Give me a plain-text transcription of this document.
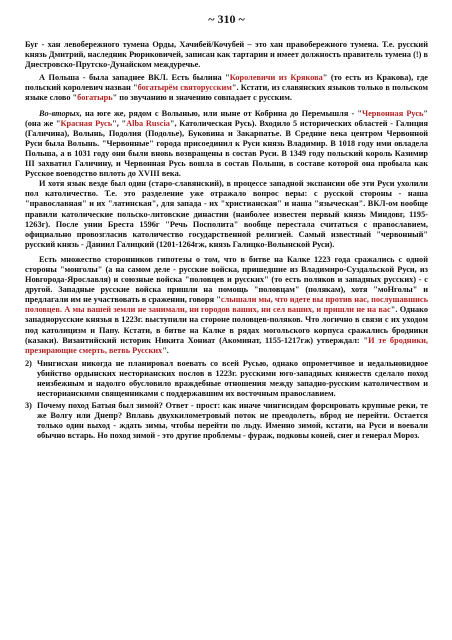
~ 310 ~

Буг - хан левобережного тумена Орды, Хачибей/Кочубей – это хан правобережного тумена. Т.е. русский князь Дмитрий, наследник Рюриковичей, записан как тартарин и имеет должность правитель тумена (!) в Днестровско-Прутско-Дунайском междуречье.

А Польша - была западнее ВКЛ. Есть былина "Королевичи из Крякова" (то есть из Кракова), где польский королевич назван "богатырём святорусским". Кстати, из славянских языков только в польском языке слово "богатырь" по звучанию и значению совпадает с русским.

Во-вторых, на юге же, рядом с Волынью, или ныне от Кобрина до Перемышля - "Червонная Русь" (она же "Красная Русь", "Alba Ruscia", Католическая Русь). Входило 5 исторических областей - Галиция (Галичина), Волынь, Подолия (Подолье), Буковина и Закарпатье. В Средние века центром Червонной Руси была Волынь. "Червонные" города присоединил к Руси князь Владимир. В 1018 году ими овладела Польша, а в 1031 году они были вновь возвращены в состав Руси. В 1349 году польский король Казимир III захватил Галичину, и Червонная Русь вошла в состав Польши, в составе которой она пробыла как Русское воеводство вплоть до XVIII века.

И хотя язык везде был один (старо-славянский), в процессе западной экспансии обе эти Руси ухолили пол католичество. Т.е. это разделение уже отражало вопрос веры: с русской стороны - наша "православная" и их "латинская", для запада - их "христианская" и наша "языческая". ВКЛ-ом вообще правили католические польско-литовские династии (наиболее известен первый князь Миндовг, 1195-1263г). После унии Бреста 1596г "Речь Посполита" вообще перестала считаться с православием, официально провозгласив католичество государственной религией. Самый известный "червонный" русский князь - Даниил Галицкий (1201-1264гж, князь Галицко-Волынской Руси).

Есть множество сторонников гипотезы о том, что в битве на Калке 1223 года сражались с одной стороны "монголы" (а на самом деле - русские войска, пришедшие из Владимиро-Суздальской Руси, из Новгорода-Ярославля) и союзные войска "половцев и русских" (то есть поляков и западных русских) - с другой. Западные русские войска пришли на помощь "половцам" (полякам), хотя "моНголы" и предлагали им не участвовать в сражении, говоря "слышали мы, что идете вы против нас, послушавшись половцев. А мы вашей земли не занимали, ни городов ваших, ни сел ваших, и пришли не на вас". Однако западнорусские князья в 1223г. выступили на стороне половцев-поляков. Что логично в связи с их уходом под католицизм и Папу. Кстати, в битве на Калке в рядах могольского корпуса сражались бродники (казаки). Византийский историк Никита Хониат (Акоминат, 1155-1217гж) утверждал: "И те бродники, презирающие смерть, ветвь Русских".

2) Чингисхан никогда не планировал воевать со всей Русью, однако опрометчивое и недальновидное убийство ордынских несторианских послов в 1223г. русскими юго-западных княжеств сделало поход неизбежным и надолго обусловило враждебные отношения между западно-русским католичеством и несторианскими священниками с поддержавшим их восточным православием.
3) Почему поход Батыя был зимой? Ответ - прост: как иначе чингисидам форсировать крупные реки, те же Волгу или Днепр? Вплавь двухкилометровый поток не преодолеть, вброд не перейти. Остается только один выход - ждать зимы, чтобы перейти по льду. Именно зимой, кстати, на Руси и воевали обычно встарь. Но поход зимой - это другие проблемы - фураж, подковы коней, снег и генерал Мороз.
